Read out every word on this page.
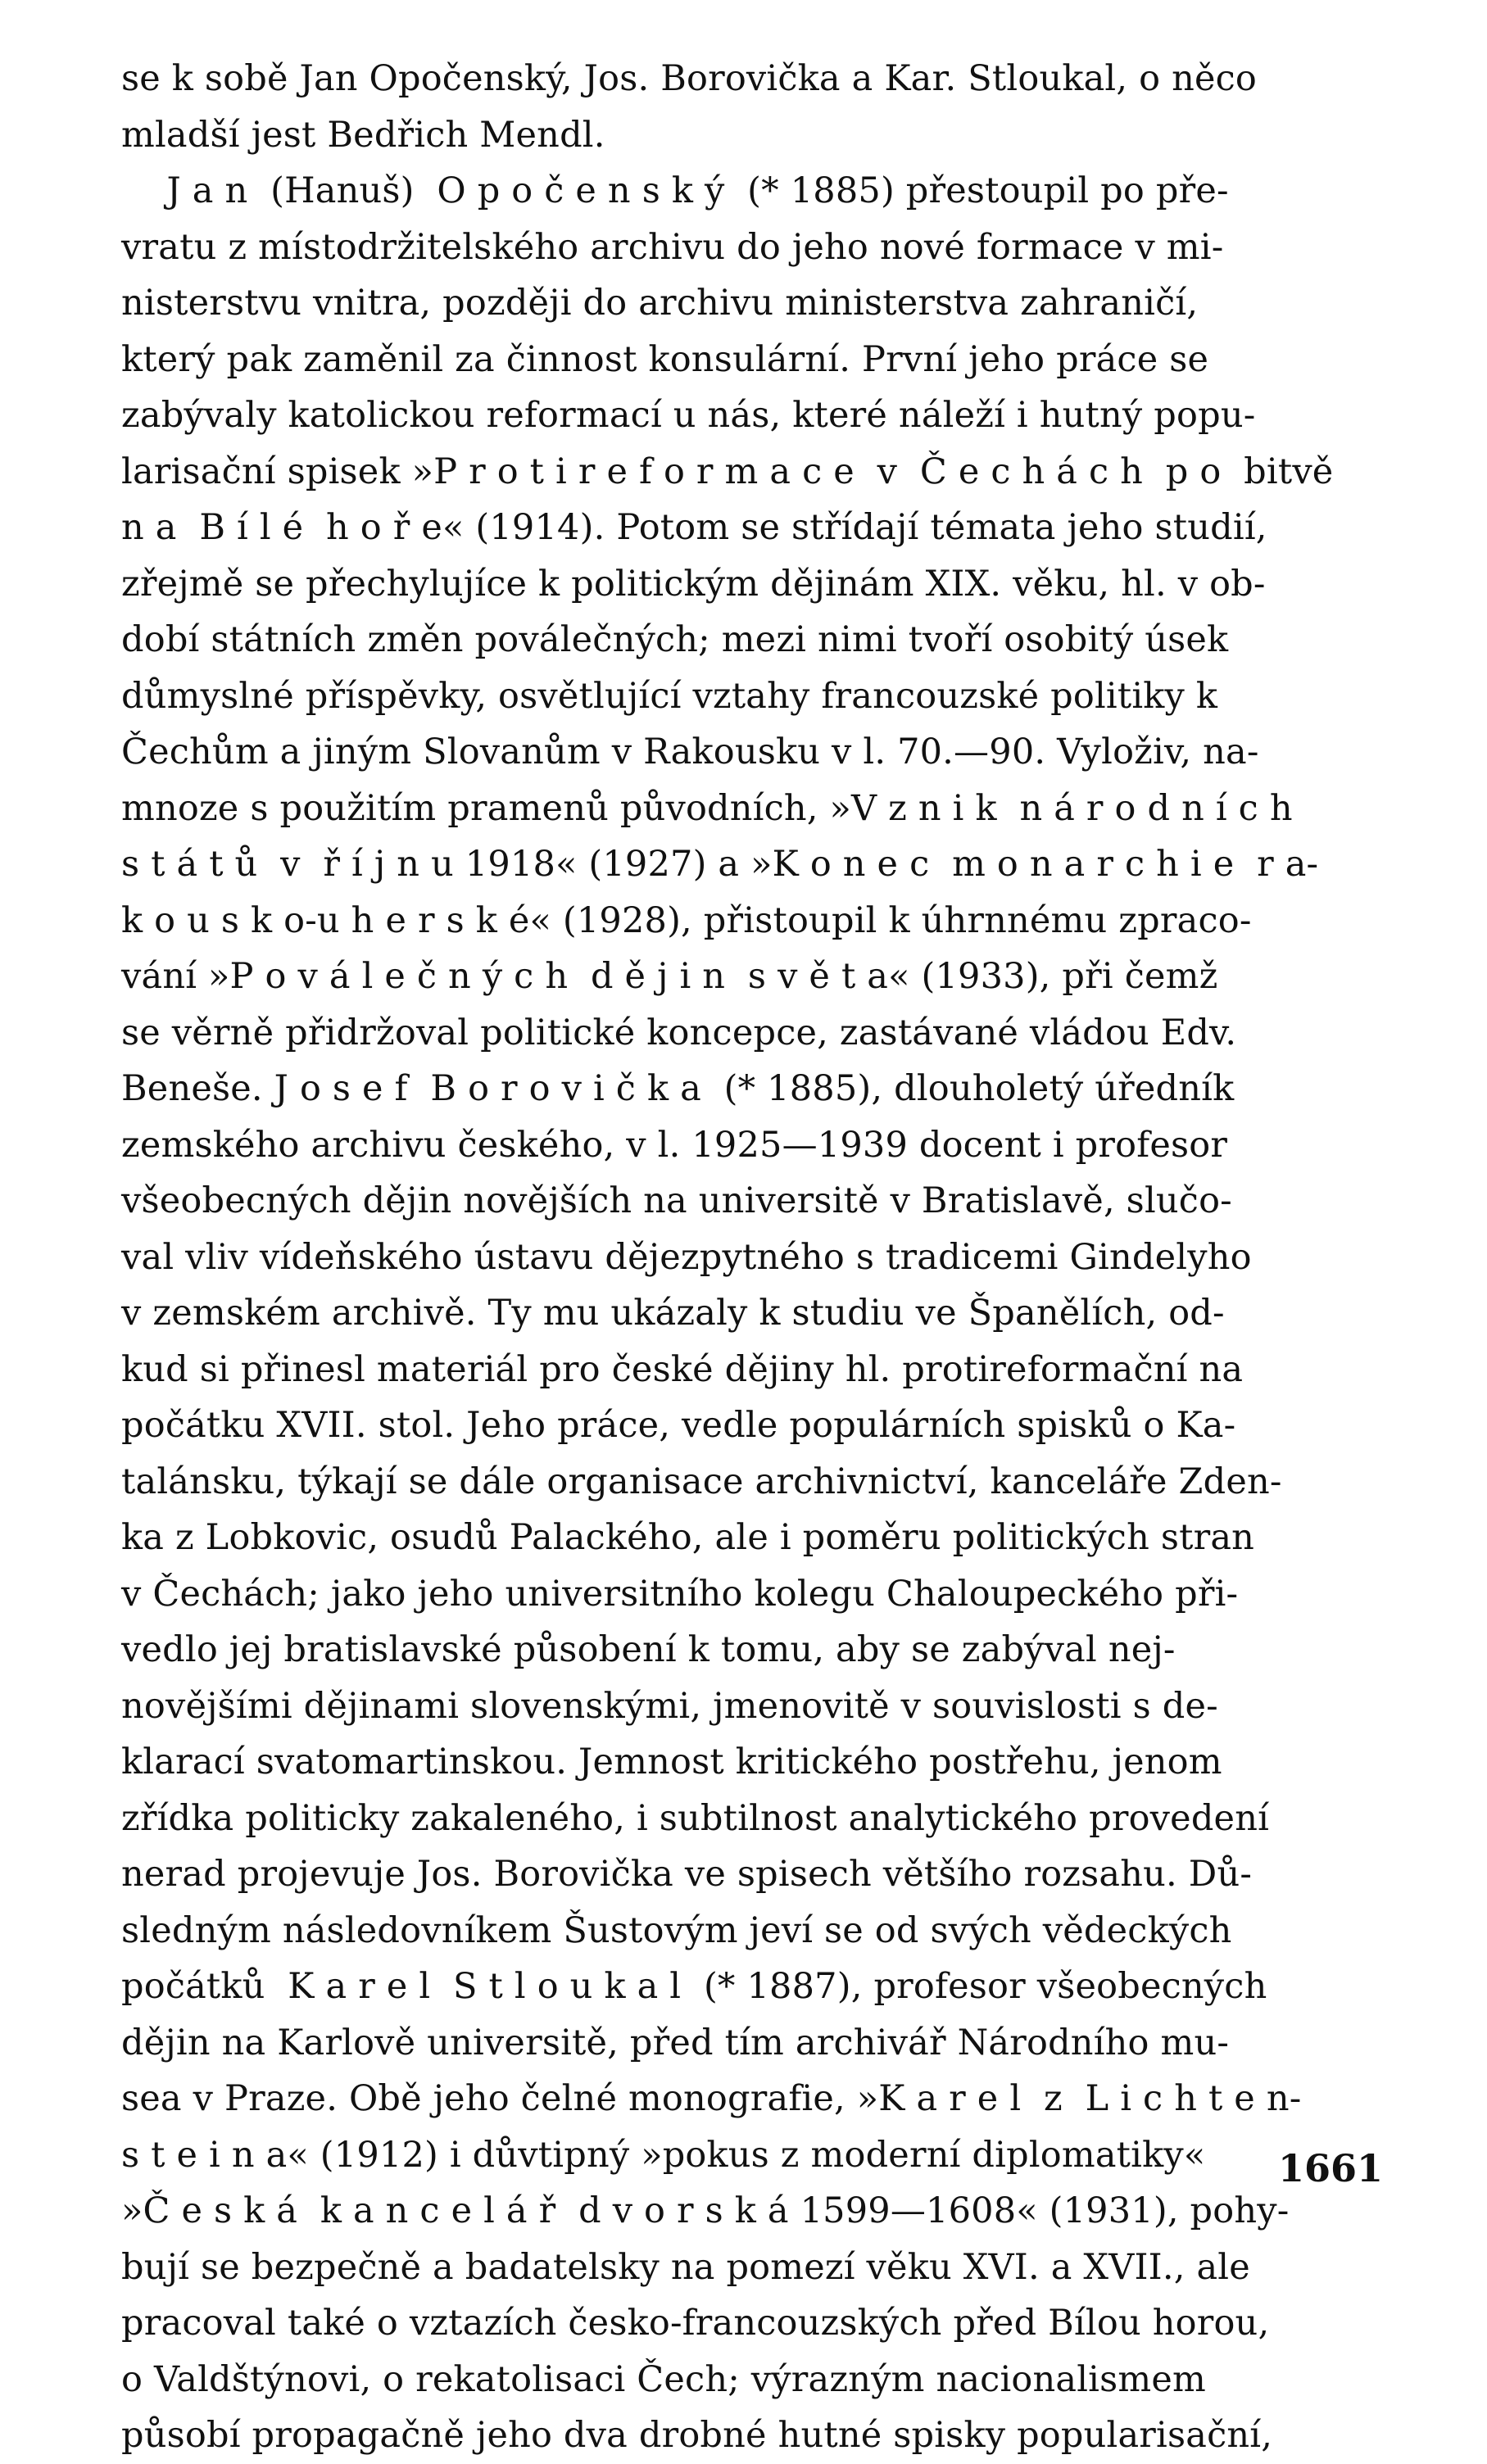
se k sobě Jan Opočenský, Jos. Borovička a Kar. Stloukal, o něco
mladší jest Bedřich Mendl.
J a n  (Hanuš)  O p o č e n s k ý  (* 1885) přestoupil po pře-
vratu z místodržitelského archivu do jeho nové formace v mi-
nisterstvu vnitra, později do archivu ministerstva zahraničí,
který pak zaměnil za činnost konsulární. První jeho práce se
zabývaly katolickou reformací u nás, které náleží i hutný popu-
larisační spisek »P r o t i r e f o r m a c e  v  Č e c h á c h  p o  bitvě
n a  B í l é  h o ř e« (1914). Potom se střídají témata jeho studií,
zřejmě se přechylujíce k politickým dějinám XIX. věku, hl. v ob-
dobí státních změn poválečných; mezi nimi tvoří osobitý úsek
důmyslné příspěvky, osvětlující vztahy francouzské politiky k
Čechům a jiným Slovanům v Rakousku v l. 70.—90. Vyloživ, na-
mnoze s použitím pramenů původních, »V z n i k  n á r o d n í c h
s t á t ů  v  ř í j n u 1918« (1927) a »K o n e c  m o n a r c h i e  r a-
k o u s k o-u h e r s k é« (1928), přistoupil k úhrnnému zpraco-
vání »P o v á l e č n ý c h  d ě j i n  s v ě t a« (1933), při čemž
se věrně přidržoval politické koncepce, zastávané vládou Edv.
Beneše. J o s e f  B o r o v i č k a  (* 1885), dlouholetý úředník
zemského archivu českého, v l. 1925—1939 docent i profesor
všeobecných dějin novějších na universitě v Bratislavě, slučo-
val vliv vídeňského ústavu dějezpytného s tradicemi Gindelyho
v zemském archivě. Ty mu ukázaly k studiu ve Španělích, od-
kud si přinesl materiál pro české dějiny hl. protireformační na
počátku XVII. stol. Jeho práce, vedle populárních spisků o Ka-
talánsku, týkají se dále organisace archivnictví, kanceláře Zden-
ka z Lobkovic, osudů Palackého, ale i poměru politických stran
v Čechách; jako jeho universitního kolegu Chaloupeckého při-
vedlo jej bratislavské působení k tomu, aby se zabýval nej-
novějšími dějinami slovenskými, jmenovitě v souvislosti s de-
klarací svatomartinskou. Jemnost kritického postřehu, jenom
zřídka politicky zakaleného, i subtilnost analytického provedení
nerad projevuje Jos. Borovička ve spisech většího rozsahu. Dů-
sledným následovníkem Šustovým jeví se od svých vědeckých
počátků  K a r e l  S t l o u k a l  (* 1887), profesor všeobecných
dějin na Karlově universitě, před tím archivář Národního mu-
sea v Praze. Obě jeho čelné monografie, »K a r e l  z  L i c h t e n-
s t e i n a« (1912) i důvtipný »pokus z moderní diplomatiky«
»Č e s k á  k a n c e l á ř  d v o r s k á 1599—1608« (1931), pohy-
bují se bezpečně a badatelsky na pomezí věku XVI. a XVII., ale
pracoval také o vztazích česko-francouzských před Bílou horou,
o Valdštýnovi, o rekatolisaci Čech; výrazným nacionalismem
působí propagačně jeho dva drobné hutné spisky popularisační,
1661
